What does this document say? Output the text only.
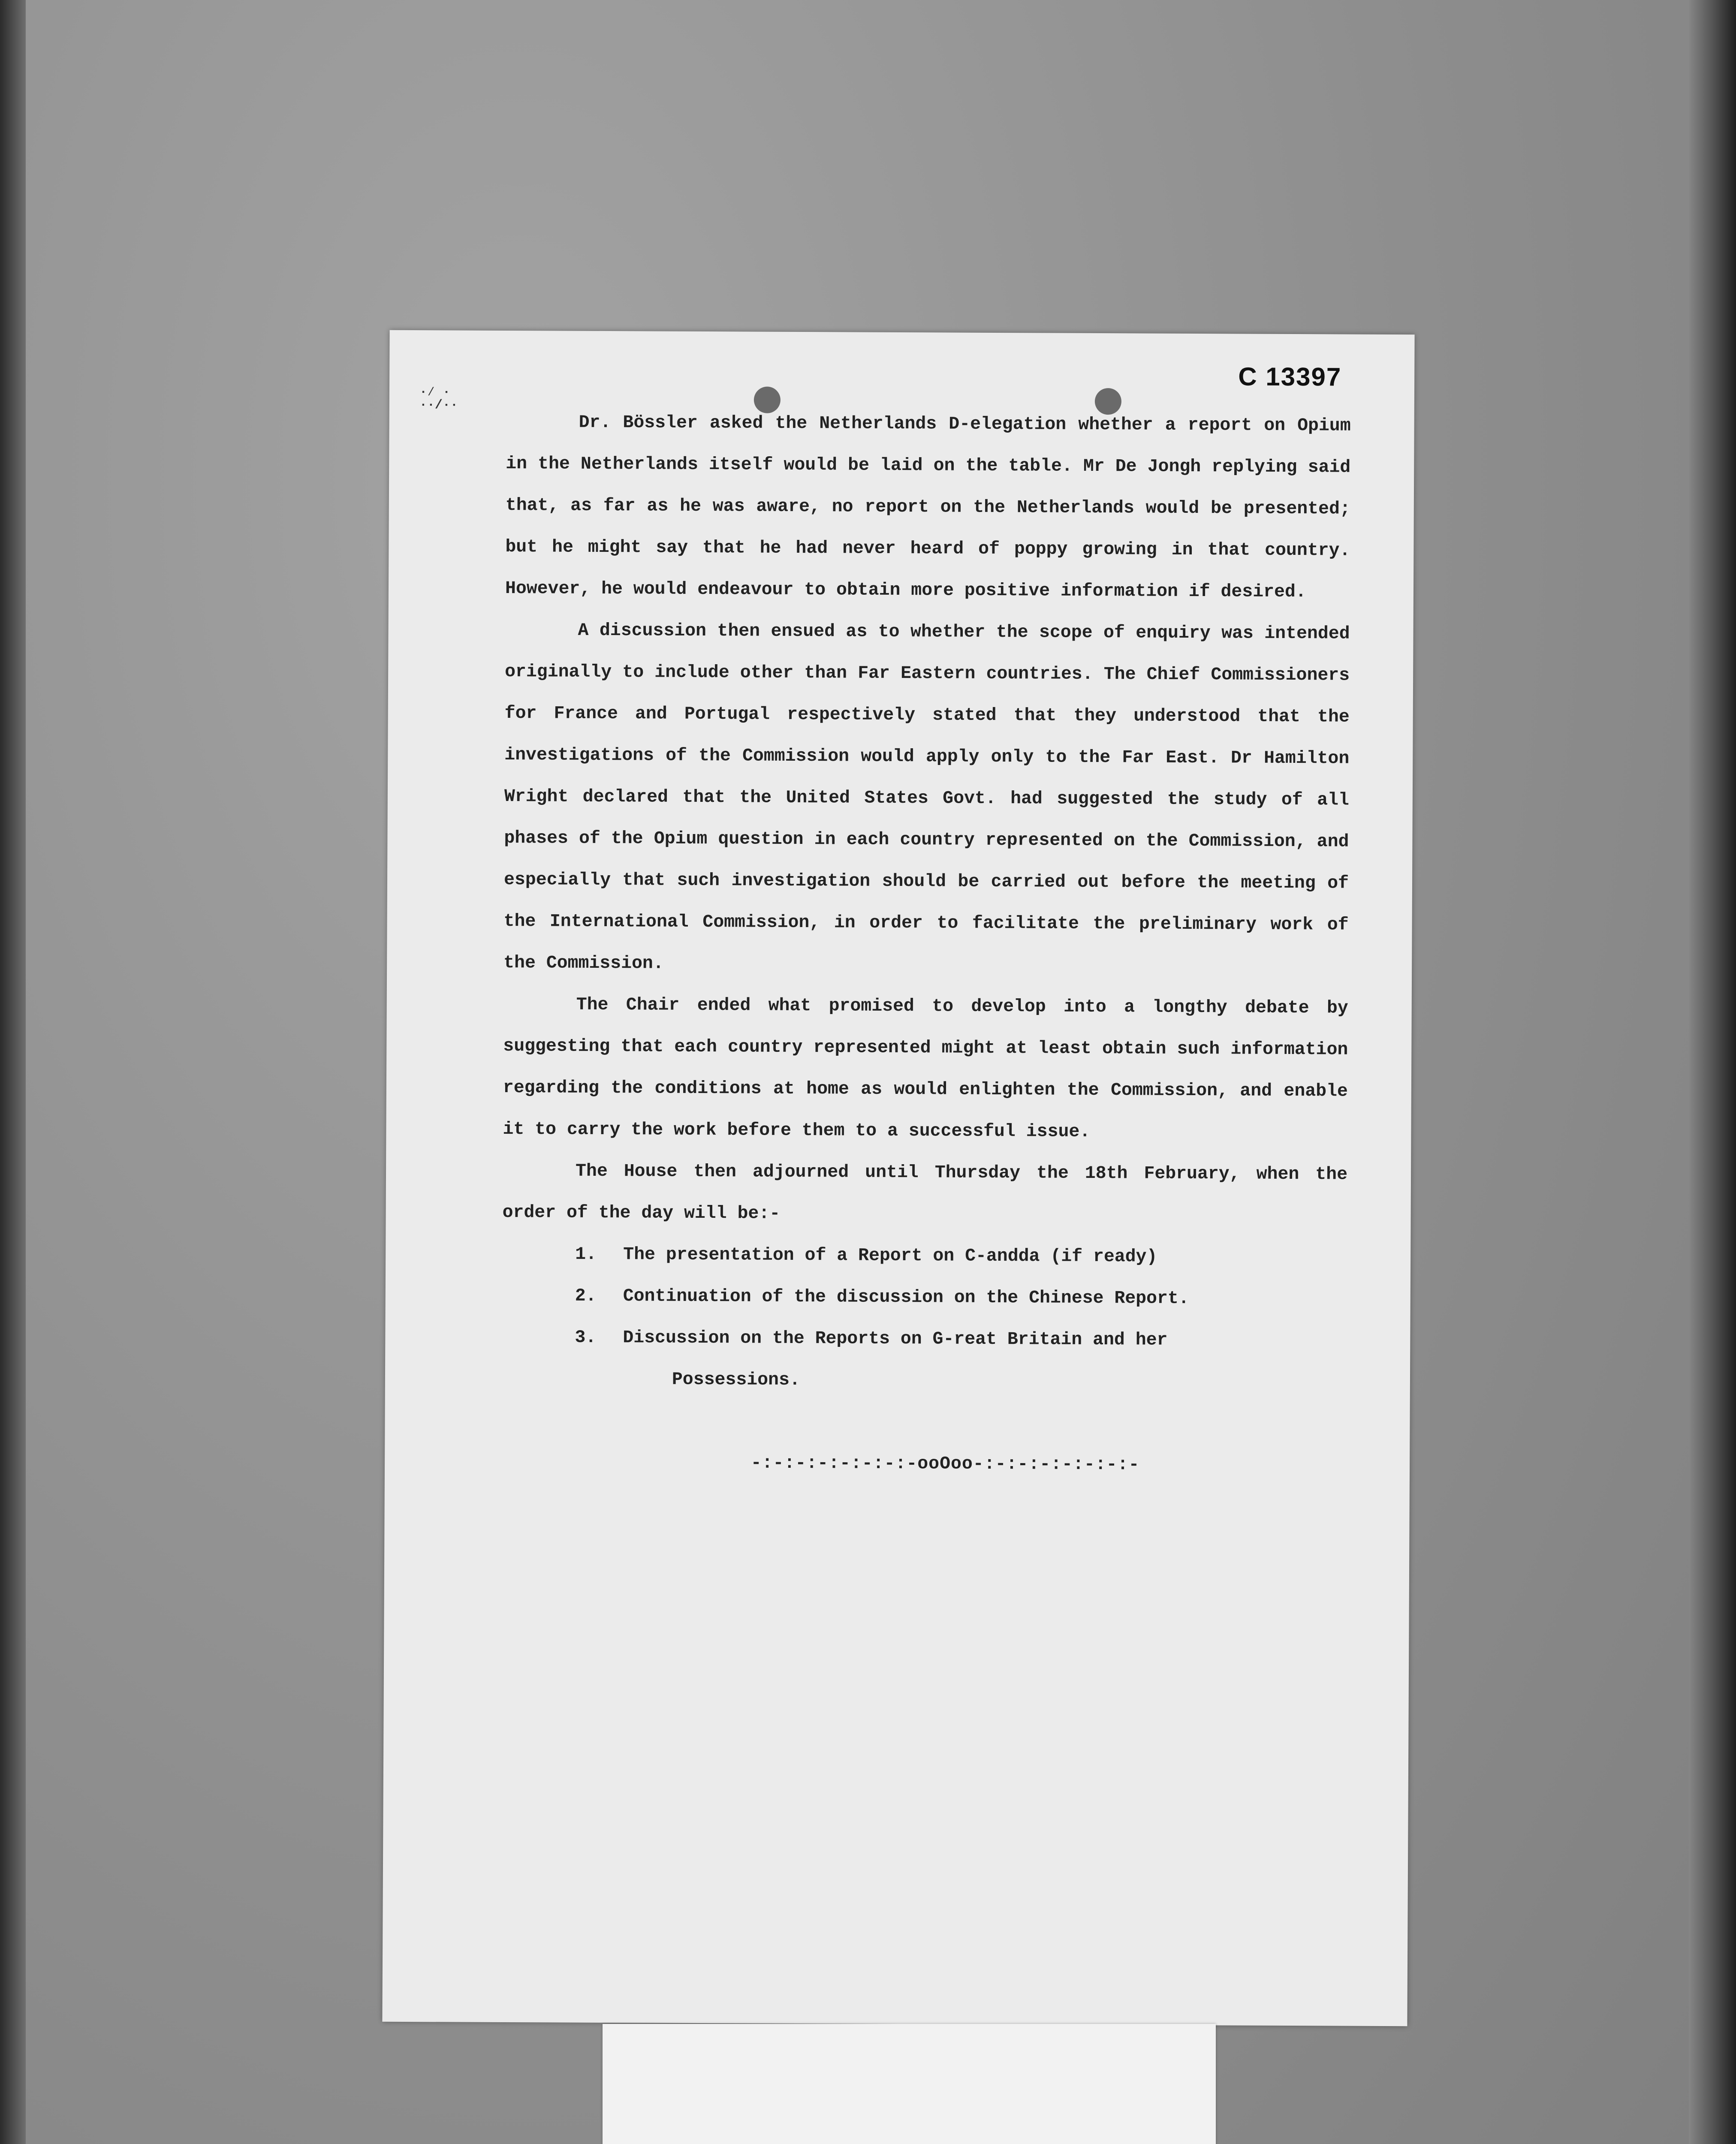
·⁄ ·
··/··
C 13397

Dr. Bössler asked the Netherlands D-elegation whether a report on Opium in the Netherlands itself would be laid on the table. Mr De Jongh replying said that, as far as he was aware, no report on the Netherlands would be presented; but he might say that he had never heard of poppy growing in that country. However, he would endeavour to obtain more positive information if desired.

A discussion then ensued as to whether the scope of enquiry was intended originally to include other than Far Eastern countries. The Chief Commissioners for France and Portugal respectively stated that they understood that the investigations of the Commission would apply only to the Far East. Dr Hamilton Wright declared that the United States Govt. had suggested the study of all phases of the Opium question in each country represented on the Commission, and especially that such investigation should be carried out before the meeting of the International Commission, in order to facilitate the preliminary work of the Commission.

The Chair ended what promised to develop into a longthy debate by suggesting that each country represented might at least obtain such information regarding the conditions at home as would enlighten the Commission, and enable it to carry the work before them to a successful issue.

The House then adjourned until Thursday the 18th February, when the order of the day will be:-

1. The presentation of a Report on C-andda (if ready)
2. Continuation of the discussion on the Chinese Report.
3. Discussion on the Reports on G-reat Britain and her
Possessions.
-:-:-:-:-:-:-:-ooOoo-:-:-:-:-:-:-:-
